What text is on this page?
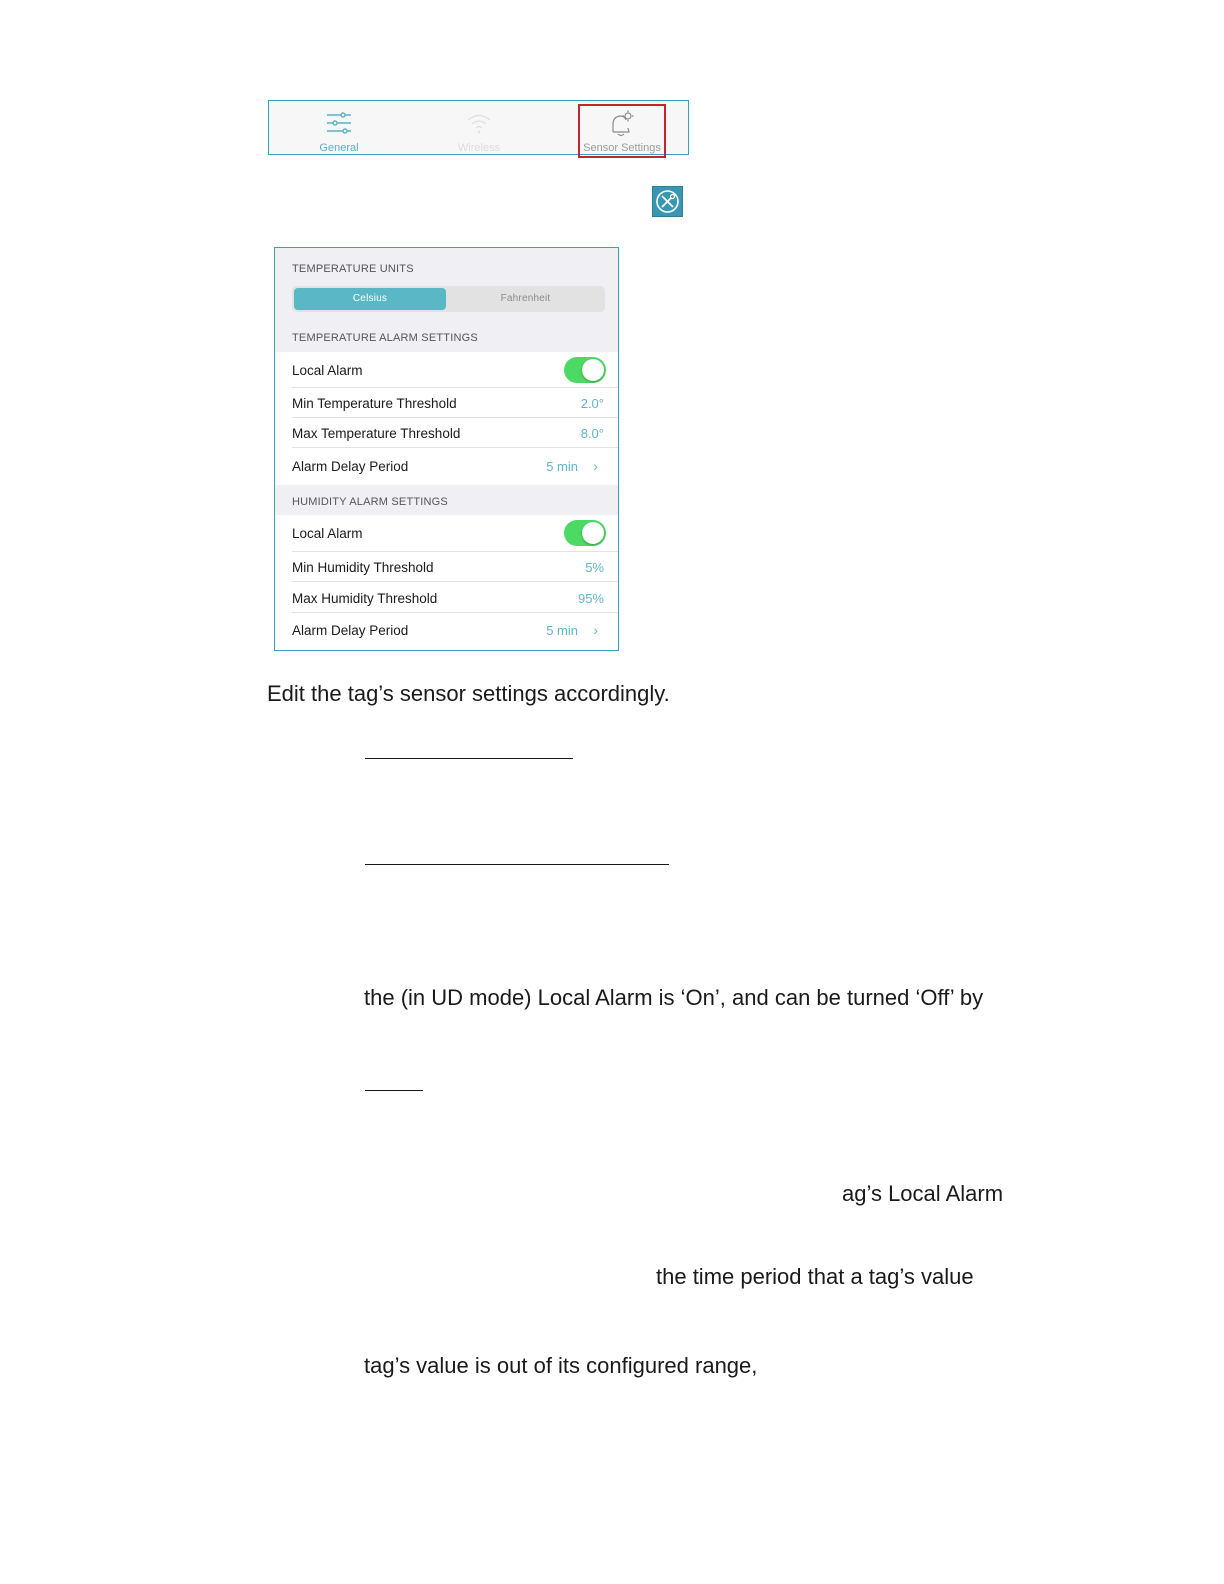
General	Wireless	Sensor Settings
TEMPERATURE UNITS
Celsius	Fahrenheit
TEMPERATURE ALARM SETTINGS
Local Alarm
Min Temperature Threshold	2.0°
Max Temperature Threshold	8.0°
Alarm Delay Period	5 min ›
HUMIDITY ALARM SETTINGS
Local Alarm
Min Humidity Threshold	5%
Max Humidity Threshold	95%
Alarm Delay Period	5 min ›
Edit the tag’s sensor settings accordingly.
the (in UD mode) Local Alarm is ‘On’, and can be turned ‘Off’ by
ag’s Local Alarm
the time period that a tag’s value
tag’s value is out of its configured range,
